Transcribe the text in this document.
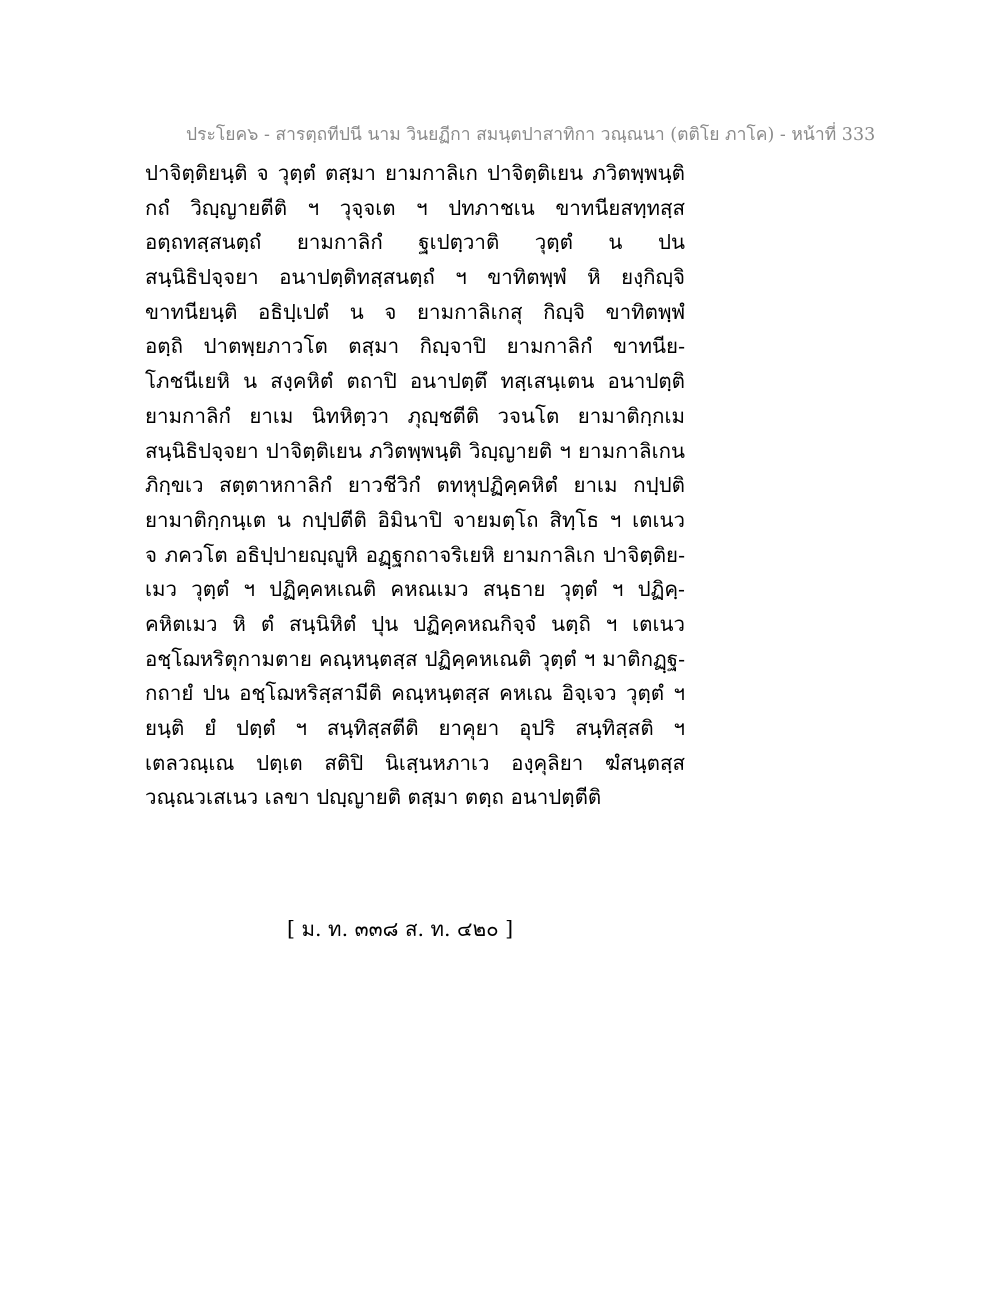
ประโยค๖ - สารตฺถทีปนี นาม วินยฏีกา สมนฺตปาสาทิกา วณฺณนา (ตติโย ภาโค) - หน้าที่ 333
ปาจิตฺติยนฺติ จ วุตฺตํ ตสฺมา ยามกาลิเก ปาจิตฺติเยน ภวิตพฺพนฺติ
กถํ วิญฺญายตีติ ฯ วุจฺจเต ฯ ปทภาชเน ขาทนียสทฺทสฺส
อตฺถทสฺสนตฺถํ ยามกาลิกํ ฐเปตฺวาติ วุตฺตํ น ปน
สนฺนิธิปจฺจยา อนาปตฺติทสฺสนตฺถํ ฯ ขาทิตพฺพํ หิ ยงฺกิญฺจิ
ขาทนียนฺติ อธิปฺเปตํ น จ ยามกาลิเกสุ กิญฺจิ ขาทิตพฺพํ
อตฺถิ ปาตพฺยภาวโต ตสฺมา กิญฺจาปิ ยามกาลิกํ ขาทนีย-
โภชนีเยหิ น สงฺคหิตํ ตถาปิ อนาปตฺตึ ทสฺเสนฺเตน อนาปตฺติ
ยามกาลิกํ ยาเม นิทหิตฺวา ภุญฺชตีติ วจนโต ยามาติกฺกเม
สนฺนิธิปจฺจยา ปาจิตฺติเยน ภวิตพฺพนฺติ วิญฺญายติ ฯ ยามกาลิเกน
ภิกฺขเว สตฺตาหกาลิกํ ยาวชีวิกํ ตทหุปฏิคฺคหิตํ ยาเม กปฺปติ
ยามาติกฺกนฺเต น กปฺปตีติ อิมินาปิ จายมตฺโถ สิทฺโธ ฯ เตเนว
จ ภควโต อธิปฺปายญฺญูหิ อฏฺฐกถาจริเยหิ ยามกาลิเก ปาจิตฺติย-
เมว วุตฺตํ ฯ ปฏิคฺคหเณติ คหณเมว สนฺธาย วุตฺตํ ฯ ปฏิคฺ-
คหิตเมว หิ ตํ สนฺนิหิตํ ปุน ปฏิคฺคหณกิจฺจํ นตฺถิ ฯ เตเนว
อชฺโฌหริตุกามตาย คณฺหนฺตสฺส ปฏิคฺคหเณติ วุตฺตํ ฯ มาติกฏฺฐ-
กถายํ ปน อชฺโฌหริสฺสามีติ คณฺหนฺตสฺส คหเณ อิจฺเจว วุตฺตํ ฯ
ยนฺติ ยํ ปตฺตํ ฯ สนฺทิสฺสตีติ ยาคุยา อุปริ สนฺทิสฺสติ ฯ
เตลวณฺเณ ปตฺเต สติปิ นิเสฺนหภาเว องฺคุลิยา ฆํสนฺตสฺส
วณฺณวเสเนว เลขา ปญฺญายติ ตสฺมา ตตฺถ อนาปตฺตีติ
[ ม. ท. ๓๓๘ ส. ท. ๔๒๐ ]
